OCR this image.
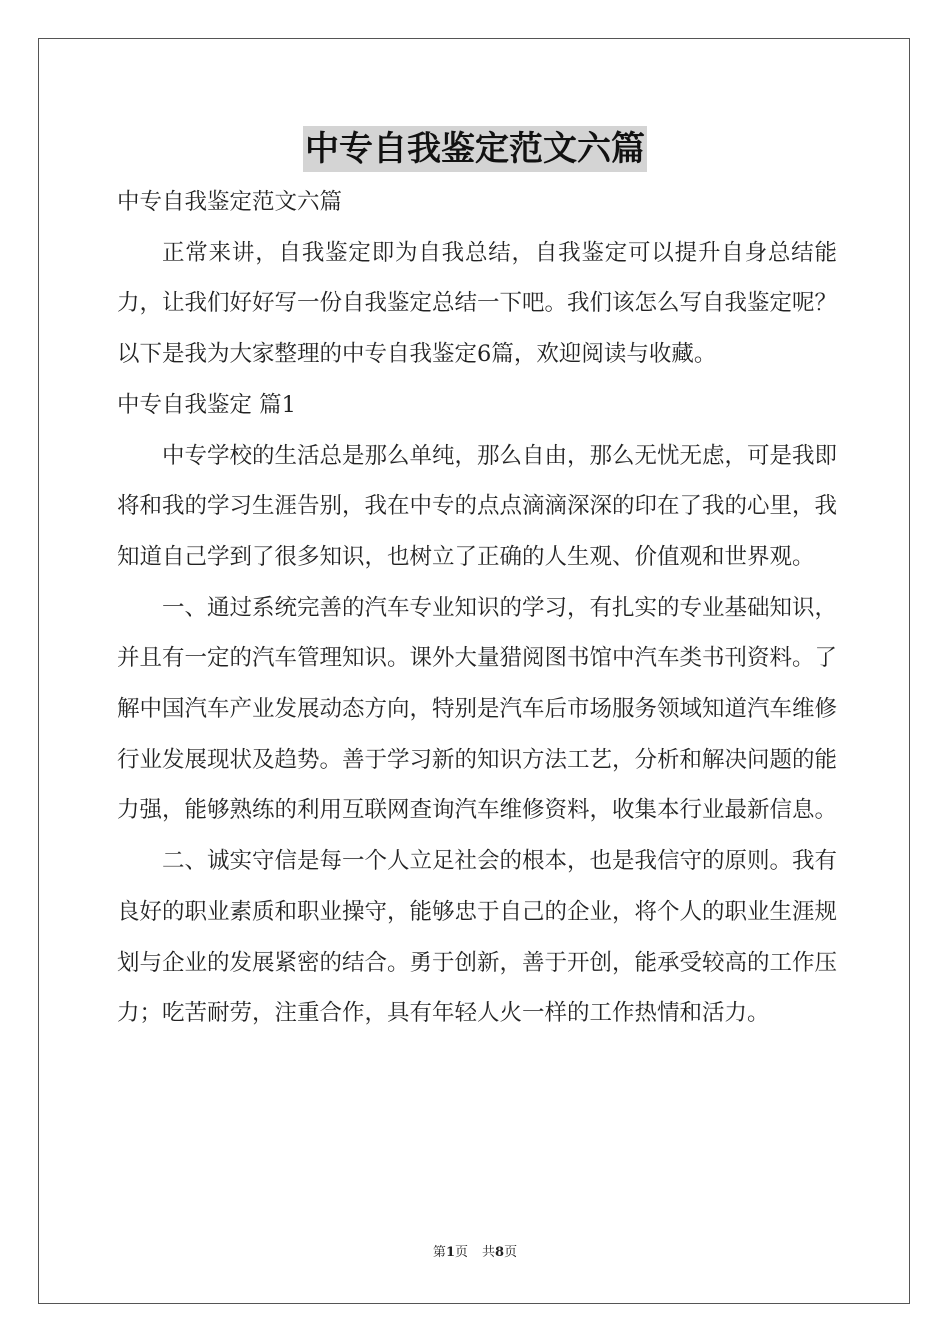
中专自我鉴定范文六篇

中专自我鉴定范文六篇

正常来讲，自我鉴定即为自我总结，自我鉴定可以提升自身总结能力，让我们好好写一份自我鉴定总结一下吧。我们该怎么写自我鉴定呢？以下是我为大家整理的中专自我鉴定6篇，欢迎阅读与收藏。

中专自我鉴定 篇1

中专学校的生活总是那么单纯，那么自由，那么无忧无虑，可是我即将和我的学习生涯告别，我在中专的点点滴滴深深的印在了我的心里，我知道自己学到了很多知识，也树立了正确的人生观、价值观和世界观。

一、通过系统完善的汽车专业知识的学习，有扎实的专业基础知识，并且有一定的汽车管理知识。课外大量猎阅图书馆中汽车类书刊资料。了解中国汽车产业发展动态方向，特别是汽车后市场服务领域知道汽车维修行业发展现状及趋势。善于学习新的知识方法工艺，分析和解决问题的能力强，能够熟练的利用互联网查询汽车维修资料，收集本行业最新信息。

二、诚实守信是每一个人立足社会的根本，也是我信守的原则。我有良好的职业素质和职业操守，能够忠于自己的企业，将个人的职业生涯规划与企业的发展紧密的结合。勇于创新，善于开创，能承受较高的工作压力；吃苦耐劳，注重合作，具有年轻人火一样的工作热情和活力。

第1页 共8页
